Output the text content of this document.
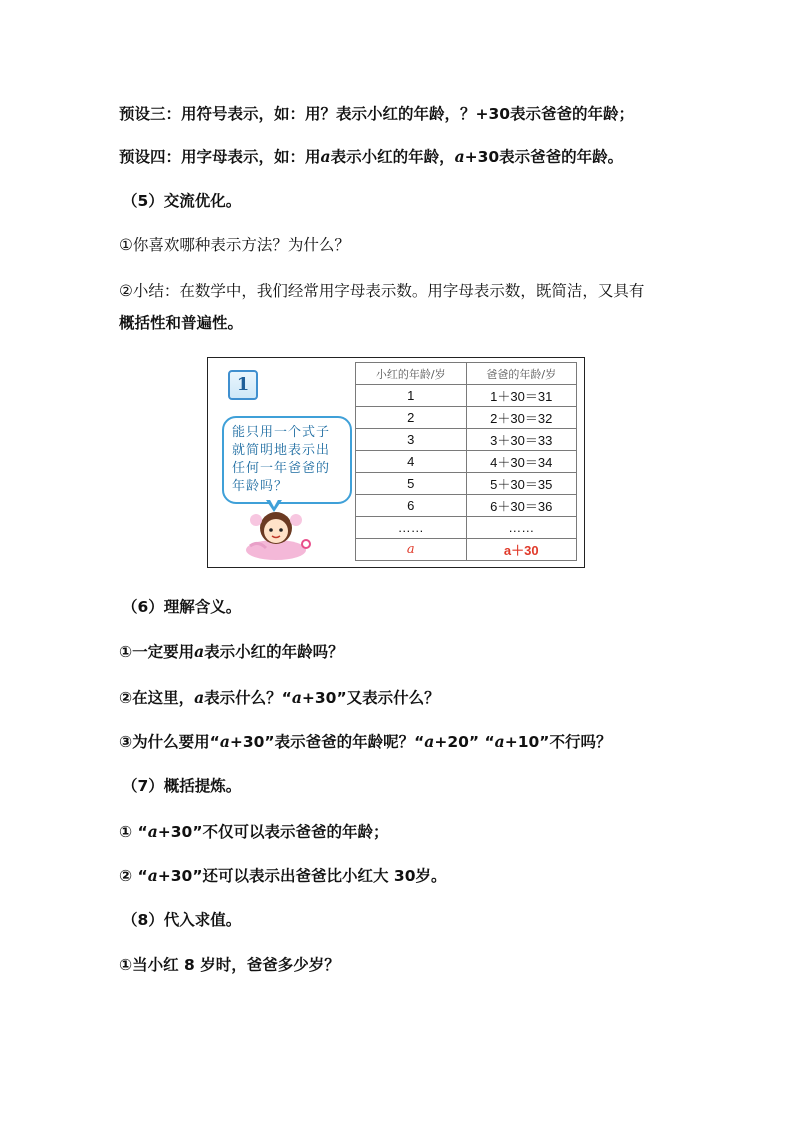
预设三：用符号表示，如：用？表示小红的年龄，？+30表示爸爸的年龄；
预设四：用字母表示，如：用a表示小红的年龄，a+30表示爸爸的年龄。
（5）交流优化。
①你喜欢哪种表示方法？为什么？
②小结：在数学中，我们经常用字母表示数。用字母表示数，既简洁，又具有
概括性和普遍性。
1
能只用一个式子
就简明地表示出
任何一年爸爸的
年龄吗？
小红的年龄/岁	爸爸的年龄/岁
1	1＋30＝31
2	2＋30＝32
3	3＋30＝33
4	4＋30＝34
5	5＋30＝35
6	6＋30＝36
……	……
a	a＋30
（6）理解含义。
①一定要用a表示小红的年龄吗？
②在这里，a表示什么？“a+30”又表示什么？
③为什么要用“a+30”表示爸爸的年龄呢？“a+20” “a+10”不行吗？
（7）概括提炼。
① “a+30”不仅可以表示爸爸的年龄；
② “a+30”还可以表示出爸爸比小红大 30岁。
（8）代入求值。
①当小红 8 岁时，爸爸多少岁？
